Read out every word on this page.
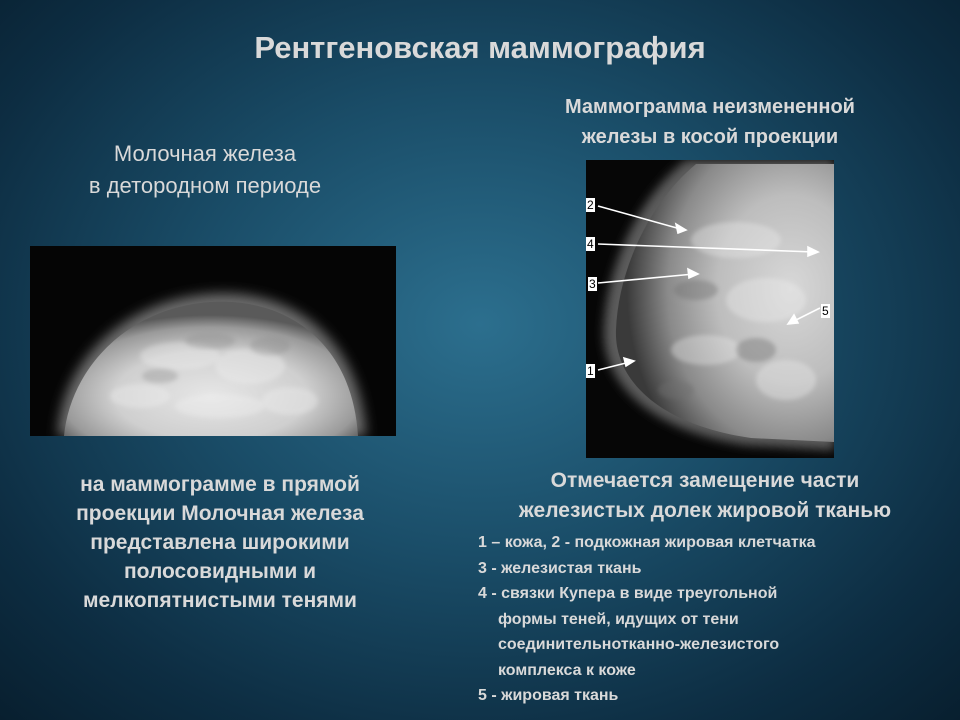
Рентгеновская маммография
Молочная железа
в детородном периоде
Маммограмма неизмененной
железы в косой проекции
2
4
3
5
1
на маммограмме в прямой
проекции Молочная железа
представлена широкими
полосовидными и
мелкопятнистыми тенями
Отмечается замещение части
железистых долек жировой тканью
1 – кожа, 2 - подкожная жировая клетчатка
3 - железистая ткань
4 - связки Купера в виде треугольной
формы теней, идущих от тени
соединительнотканно-железистого
комплекса к коже
5 - жировая ткань
